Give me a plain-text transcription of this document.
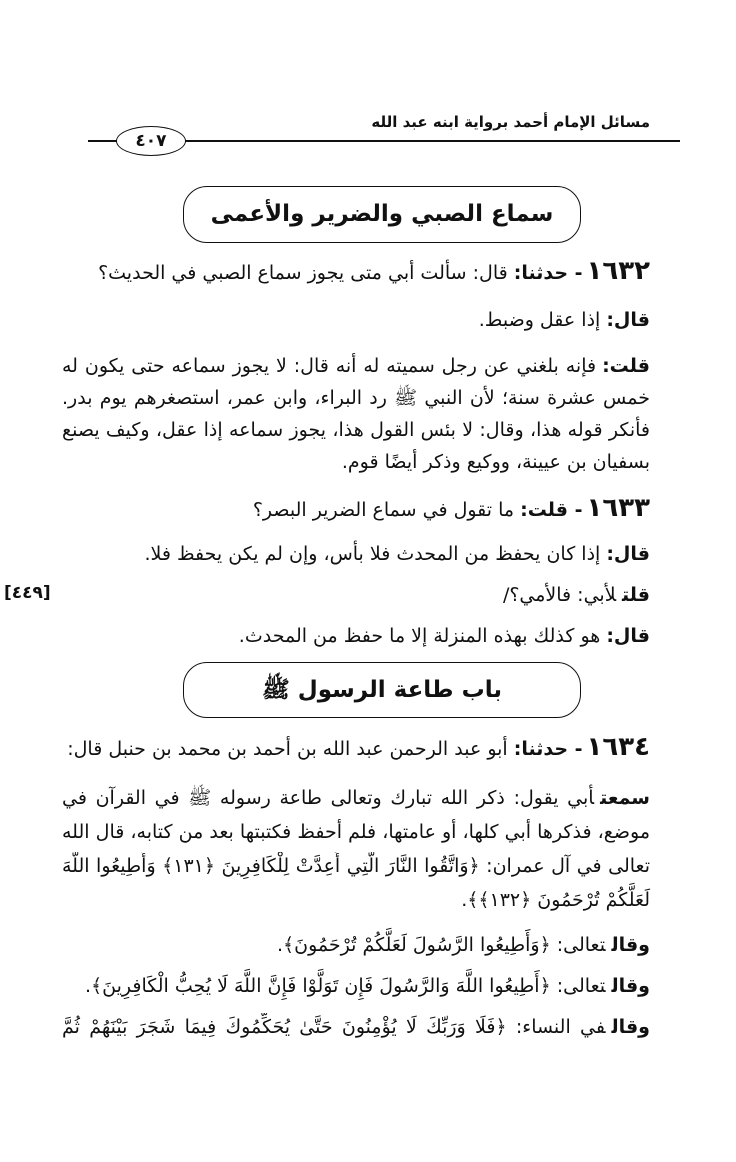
مسائل الإمام أحمد برواية ابنه عبد الله
٤٠٧
سماع الصبي والضرير والأعمى
١٦٣٢- حدثنا:قال: سألت أبي متى يجوز سماع الصبي في الحديث؟
قال:إذا عقل وضبط.
قلت:فإنه بلغني عن رجل سميته له أنه قال: لا يجوز سماعه حتى يكون له
خمس عشرة سنة؛ لأن النبي ﷺ رد البراء، وابن عمر، استصغرهم يوم بدر.
فأنكر قوله هذا، وقال: لا بئس القول هذا، يجوز سماعه إذا عقل، وكيف يصنع
بسفيان بن عيينة، ووكيع وذكر أيضًا قوم.
١٦٣٣- قلت:ما تقول في سماع الضرير البصر؟
قال:إذا كان يحفظ من المحدث فلا بأس، وإن لم يكن يحفظ فلا.
قلتلأبي: فالأمي؟/
[٤٤٩]
قال:هو كذلك بهذه المنزلة إلا ما حفظ من المحدث.
باب طاعة الرسول ﷺ
١٦٣٤- حدثنا:أبو عبد الرحمن عبد الله بن أحمد بن محمد بن حنبل قال:
سمعتأبي يقول: ذكر الله تبارك وتعالى طاعة رسوله ﷺ في القرآن في
موضع، فذكرها أبي كلها، أو عامتها، فلم أحفظ فكتبتها بعد من كتابه، قال الله
تعالى في آل عمران: ﴿وَاتَّقُوا النَّارَ الَّتِي أُعِدَّتْ لِلْكَافِرِينَ ﴿١٣١﴾ وَأَطِيعُوا اللَّهَ
لَعَلَّكُمْ تُرْحَمُونَ ﴿١٣٢﴾﴾.
وقالتعالى: ﴿وَأَطِيعُوا الرَّسُولَ لَعَلَّكُمْ تُرْحَمُونَ﴾.
وقالتعالى: ﴿أَطِيعُوا اللَّهَ وَالرَّسُولَ فَإِن تَوَلَّوْا فَإِنَّ اللَّهَ لَا يُحِبُّ الْكَافِرِينَ﴾.
وقالفي النساء: ﴿فَلَا وَرَبِّكَ لَا يُؤْمِنُونَ حَتَّىٰ يُحَكِّمُوكَ فِيمَا شَجَرَ بَيْنَهُمْ ثُمَّ
